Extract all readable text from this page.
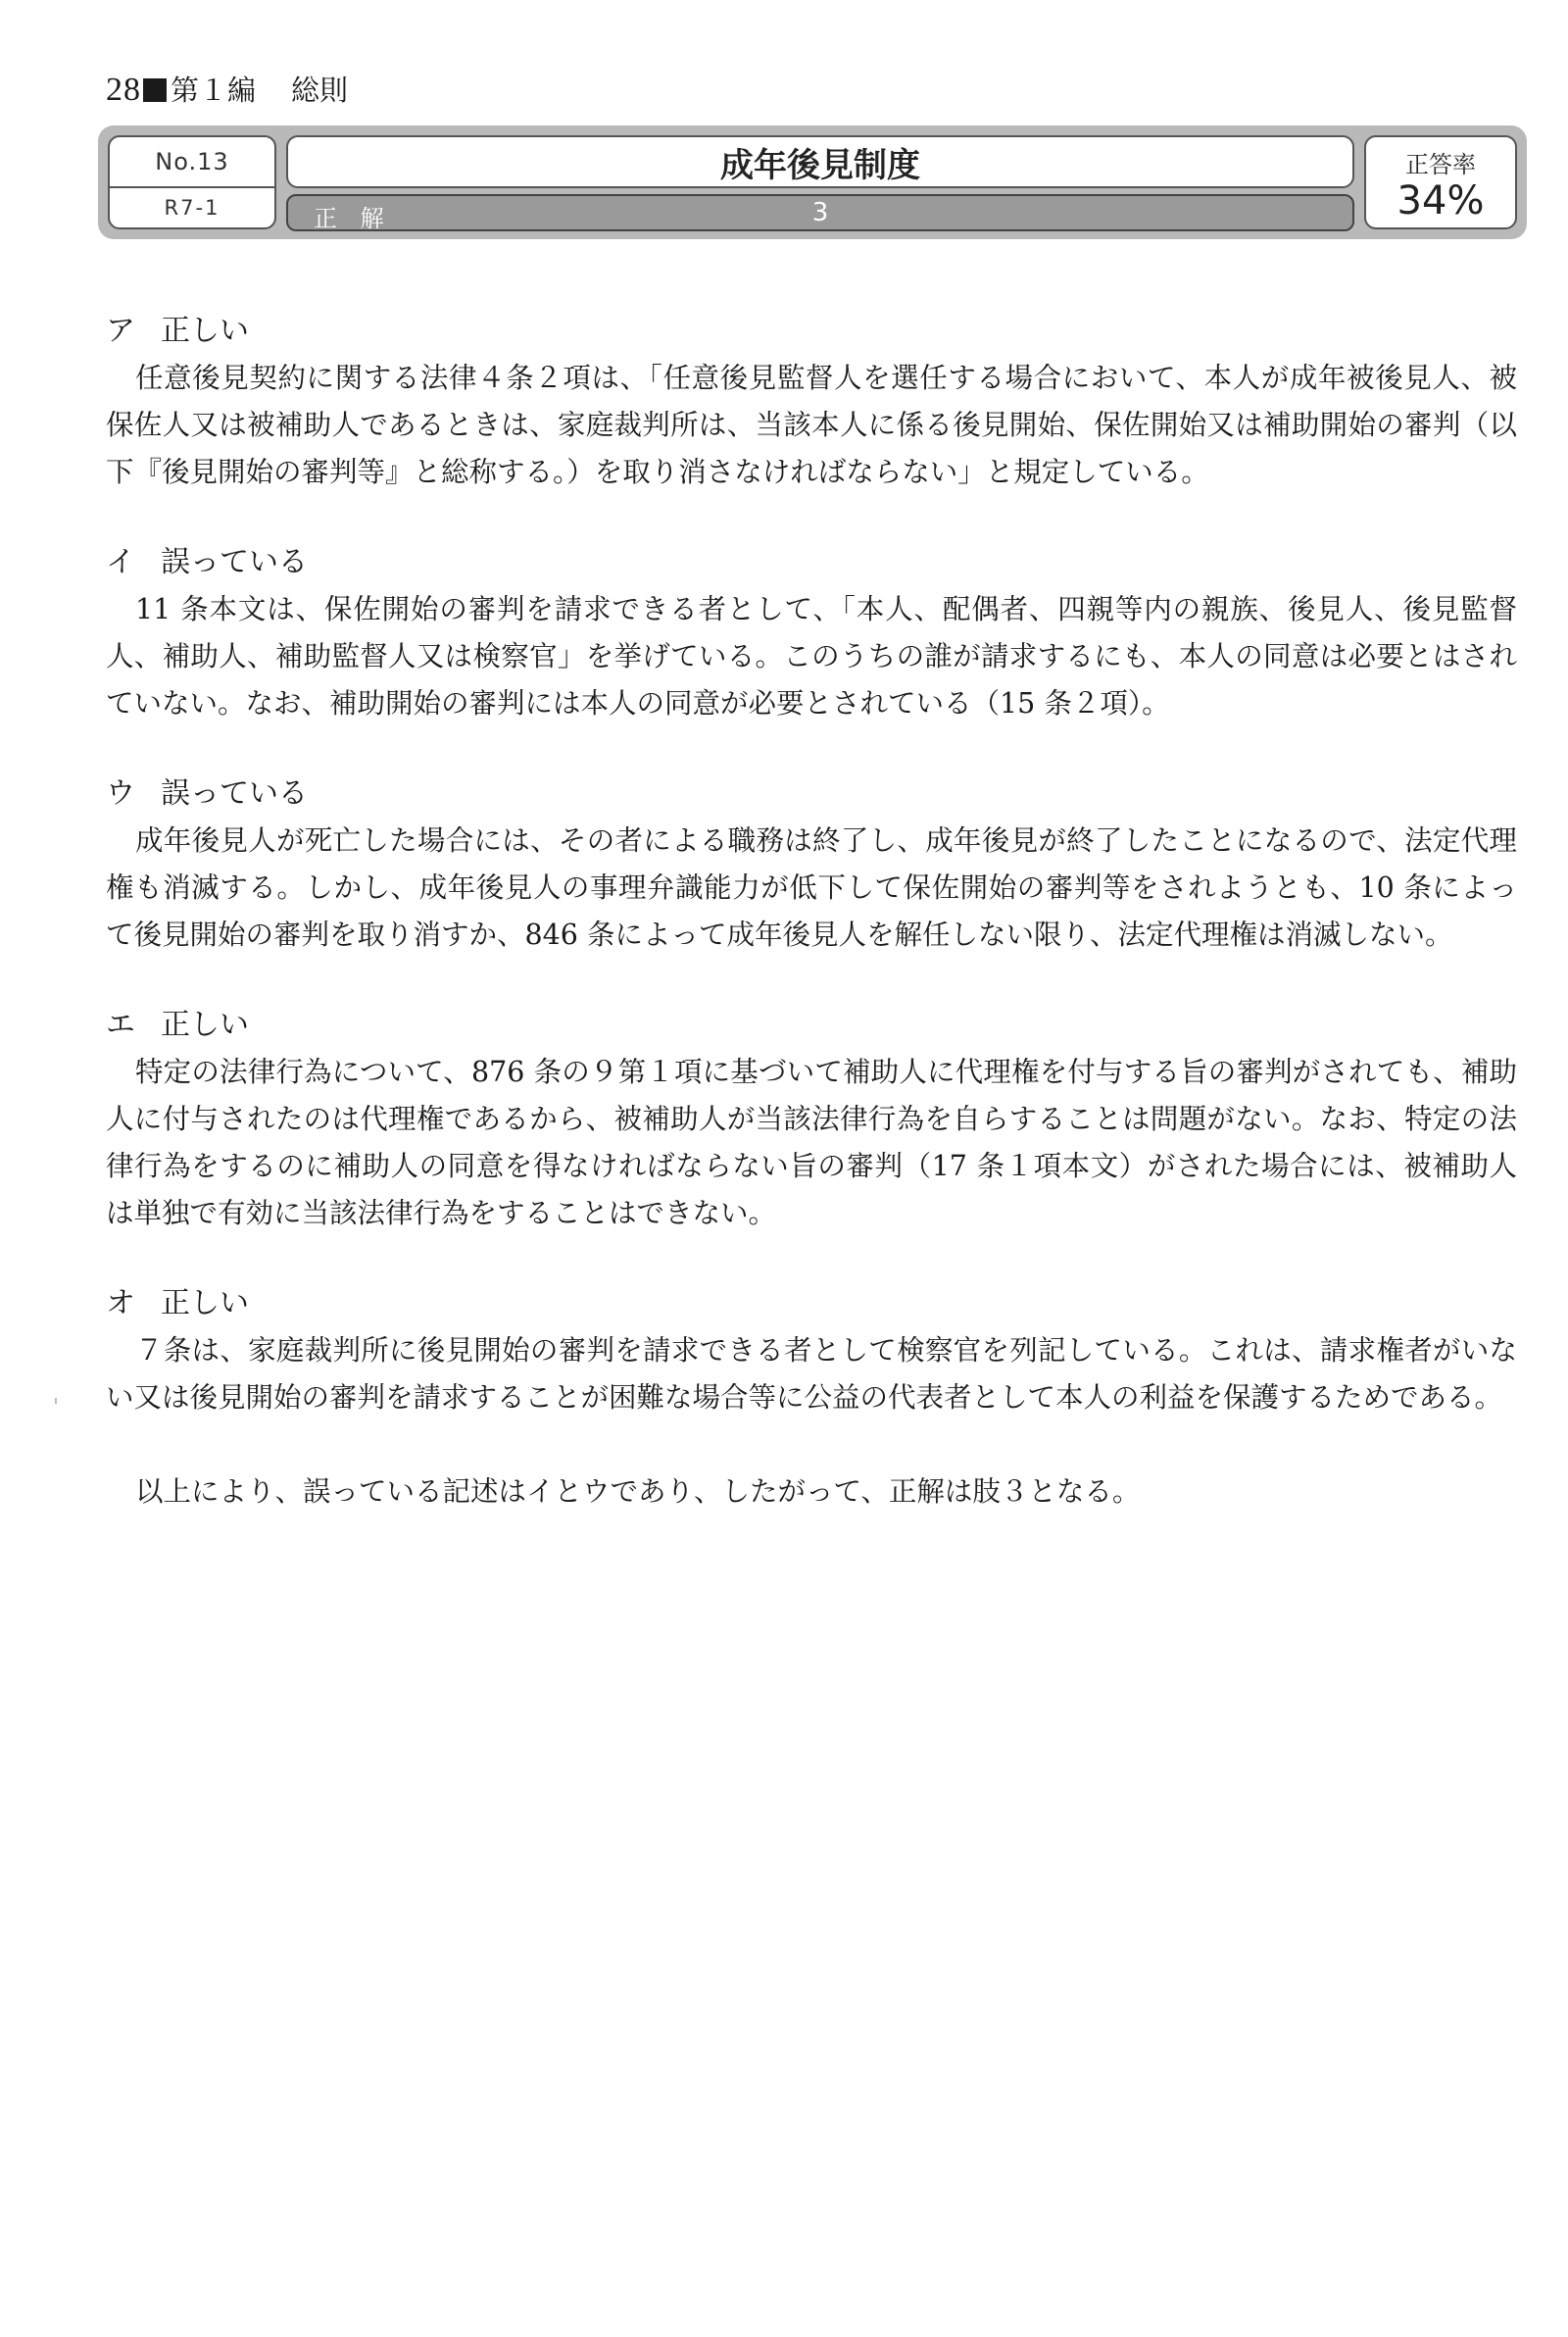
28 第１編 総則
No.13
R7-1
成年後見制度
正 解	3
正答率
34%
ア 正しい

任意後見契約に関する法律４条２項は、「任意後見監督人を選任する場合において、本人が成年被後見人、被保佐人又は被補助人であるときは、家庭裁判所は、当該本人に係る後見開始、保佐開始又は補助開始の審判（以下『後見開始の審判等』と総称する。）を取り消さなければならない」と規定している。

イ 誤っている

11 条本文は、保佐開始の審判を請求できる者として、「本人、配偶者、四親等内の親族、後見人、後見監督人、補助人、補助監督人又は検察官」を挙げている。このうちの誰が請求するにも、本人の同意は必要とはされていない。なお、補助開始の審判には本人の同意が必要とされている（15 条２項）。

ウ 誤っている

成年後見人が死亡した場合には、その者による職務は終了し、成年後見が終了したことになるので、法定代理権も消滅する。しかし、成年後見人の事理弁識能力が低下して保佐開始の審判等をされようとも、10 条によって後見開始の審判を取り消すか、846 条によって成年後見人を解任しない限り、法定代理権は消滅しない。

エ 正しい

特定の法律行為について、876 条の９第１項に基づいて補助人に代理権を付与する旨の審判がされても、補助人に付与されたのは代理権であるから、被補助人が当該法律行為を自らすることは問題がない。なお、特定の法律行為をするのに補助人の同意を得なければならない旨の審判（17 条１項本文）がされた場合には、被補助人は単独で有効に当該法律行為をすることはできない。

オ 正しい

７条は、家庭裁判所に後見開始の審判を請求できる者として検察官を列記している。これは、請求権者がいない又は後見開始の審判を請求することが困難な場合等に公益の代表者として本人の利益を保護するためである。

以上により、誤っている記述はイとウであり、したがって、正解は肢３となる。
